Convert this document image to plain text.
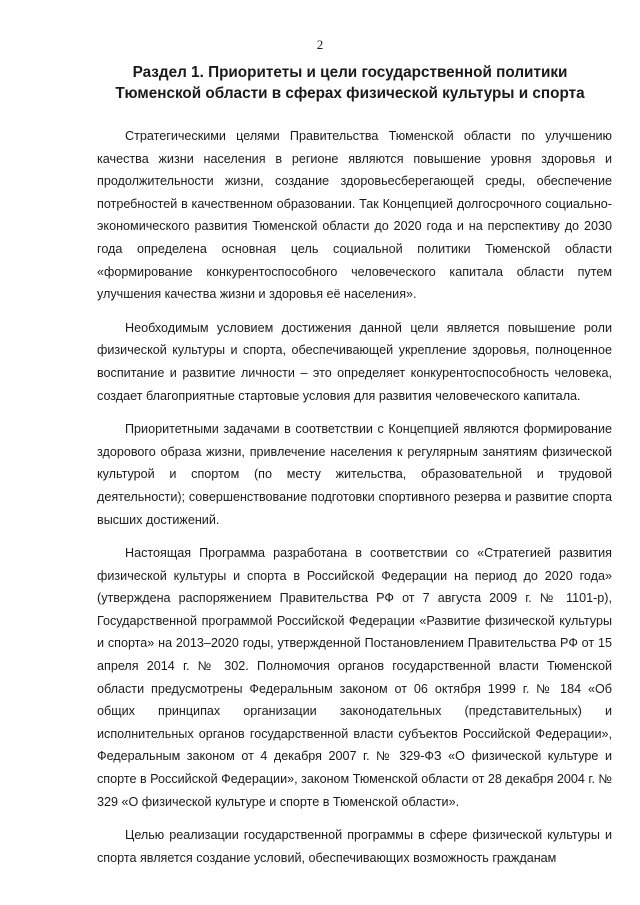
2
Раздел 1. Приоритеты и цели государственной политики
Тюменской области в сферах физической культуры и спорта

Стратегическими целями Правительства Тюменской области по улучшению качества жизни населения в регионе являются повышение уровня здоровья и продолжительности жизни, создание здоровьесберегающей среды, обеспечение потребностей в качественном образовании. Так Концепцией долгосрочного социально-экономического развития Тюменской области до 2020 года и на перспективу до 2030 года определена основная цель социальной политики Тюменской области «формирование конкурентоспособного человеческого капитала области путем улучшения качества жизни и здоровья её населения».

Необходимым условием достижения данной цели является повышение роли физической культуры и спорта, обеспечивающей укрепление здоровья, полноценное воспитание и развитие личности – это определяет конкурентоспособность человека, создает благоприятные стартовые условия для развития человеческого капитала.

Приоритетными задачами в соответствии с Концепцией являются формирование здорового образа жизни, привлечение населения к регулярным занятиям физической культурой и спортом (по месту жительства, образовательной и трудовой деятельности); совершенствование подготовки спортивного резерва и развитие спорта высших достижений.

Настоящая Программа разработана в соответствии со «Стратегией развития физической культуры и спорта в Российской Федерации на период до 2020 года» (утверждена распоряжением Правительства РФ от 7 августа 2009 г. № 1101-р), Государственной программой Российской Федерации «Развитие физической культуры и спорта» на 2013–2020 годы, утвержденной Постановлением Правительства РФ от 15 апреля 2014 г. № 302. Полномочия органов государственной власти Тюменской области предусмотрены Федеральным законом от 06 октября 1999 г. № 184 «Об общих принципах организации законодательных (представительных) и исполнительных органов государственной власти субъектов Российской Федерации», Федеральным законом от 4 декабря 2007 г. № 329-ФЗ «О физической культуре и спорте в Российской Федерации», законом Тюменской области от 28 декабря 2004 г. № 329 «О физической культуре и спорте в Тюменской области».

Целью реализации государственной программы в сфере физической культуры и спорта является создание условий, обеспечивающих возможность гражданам
